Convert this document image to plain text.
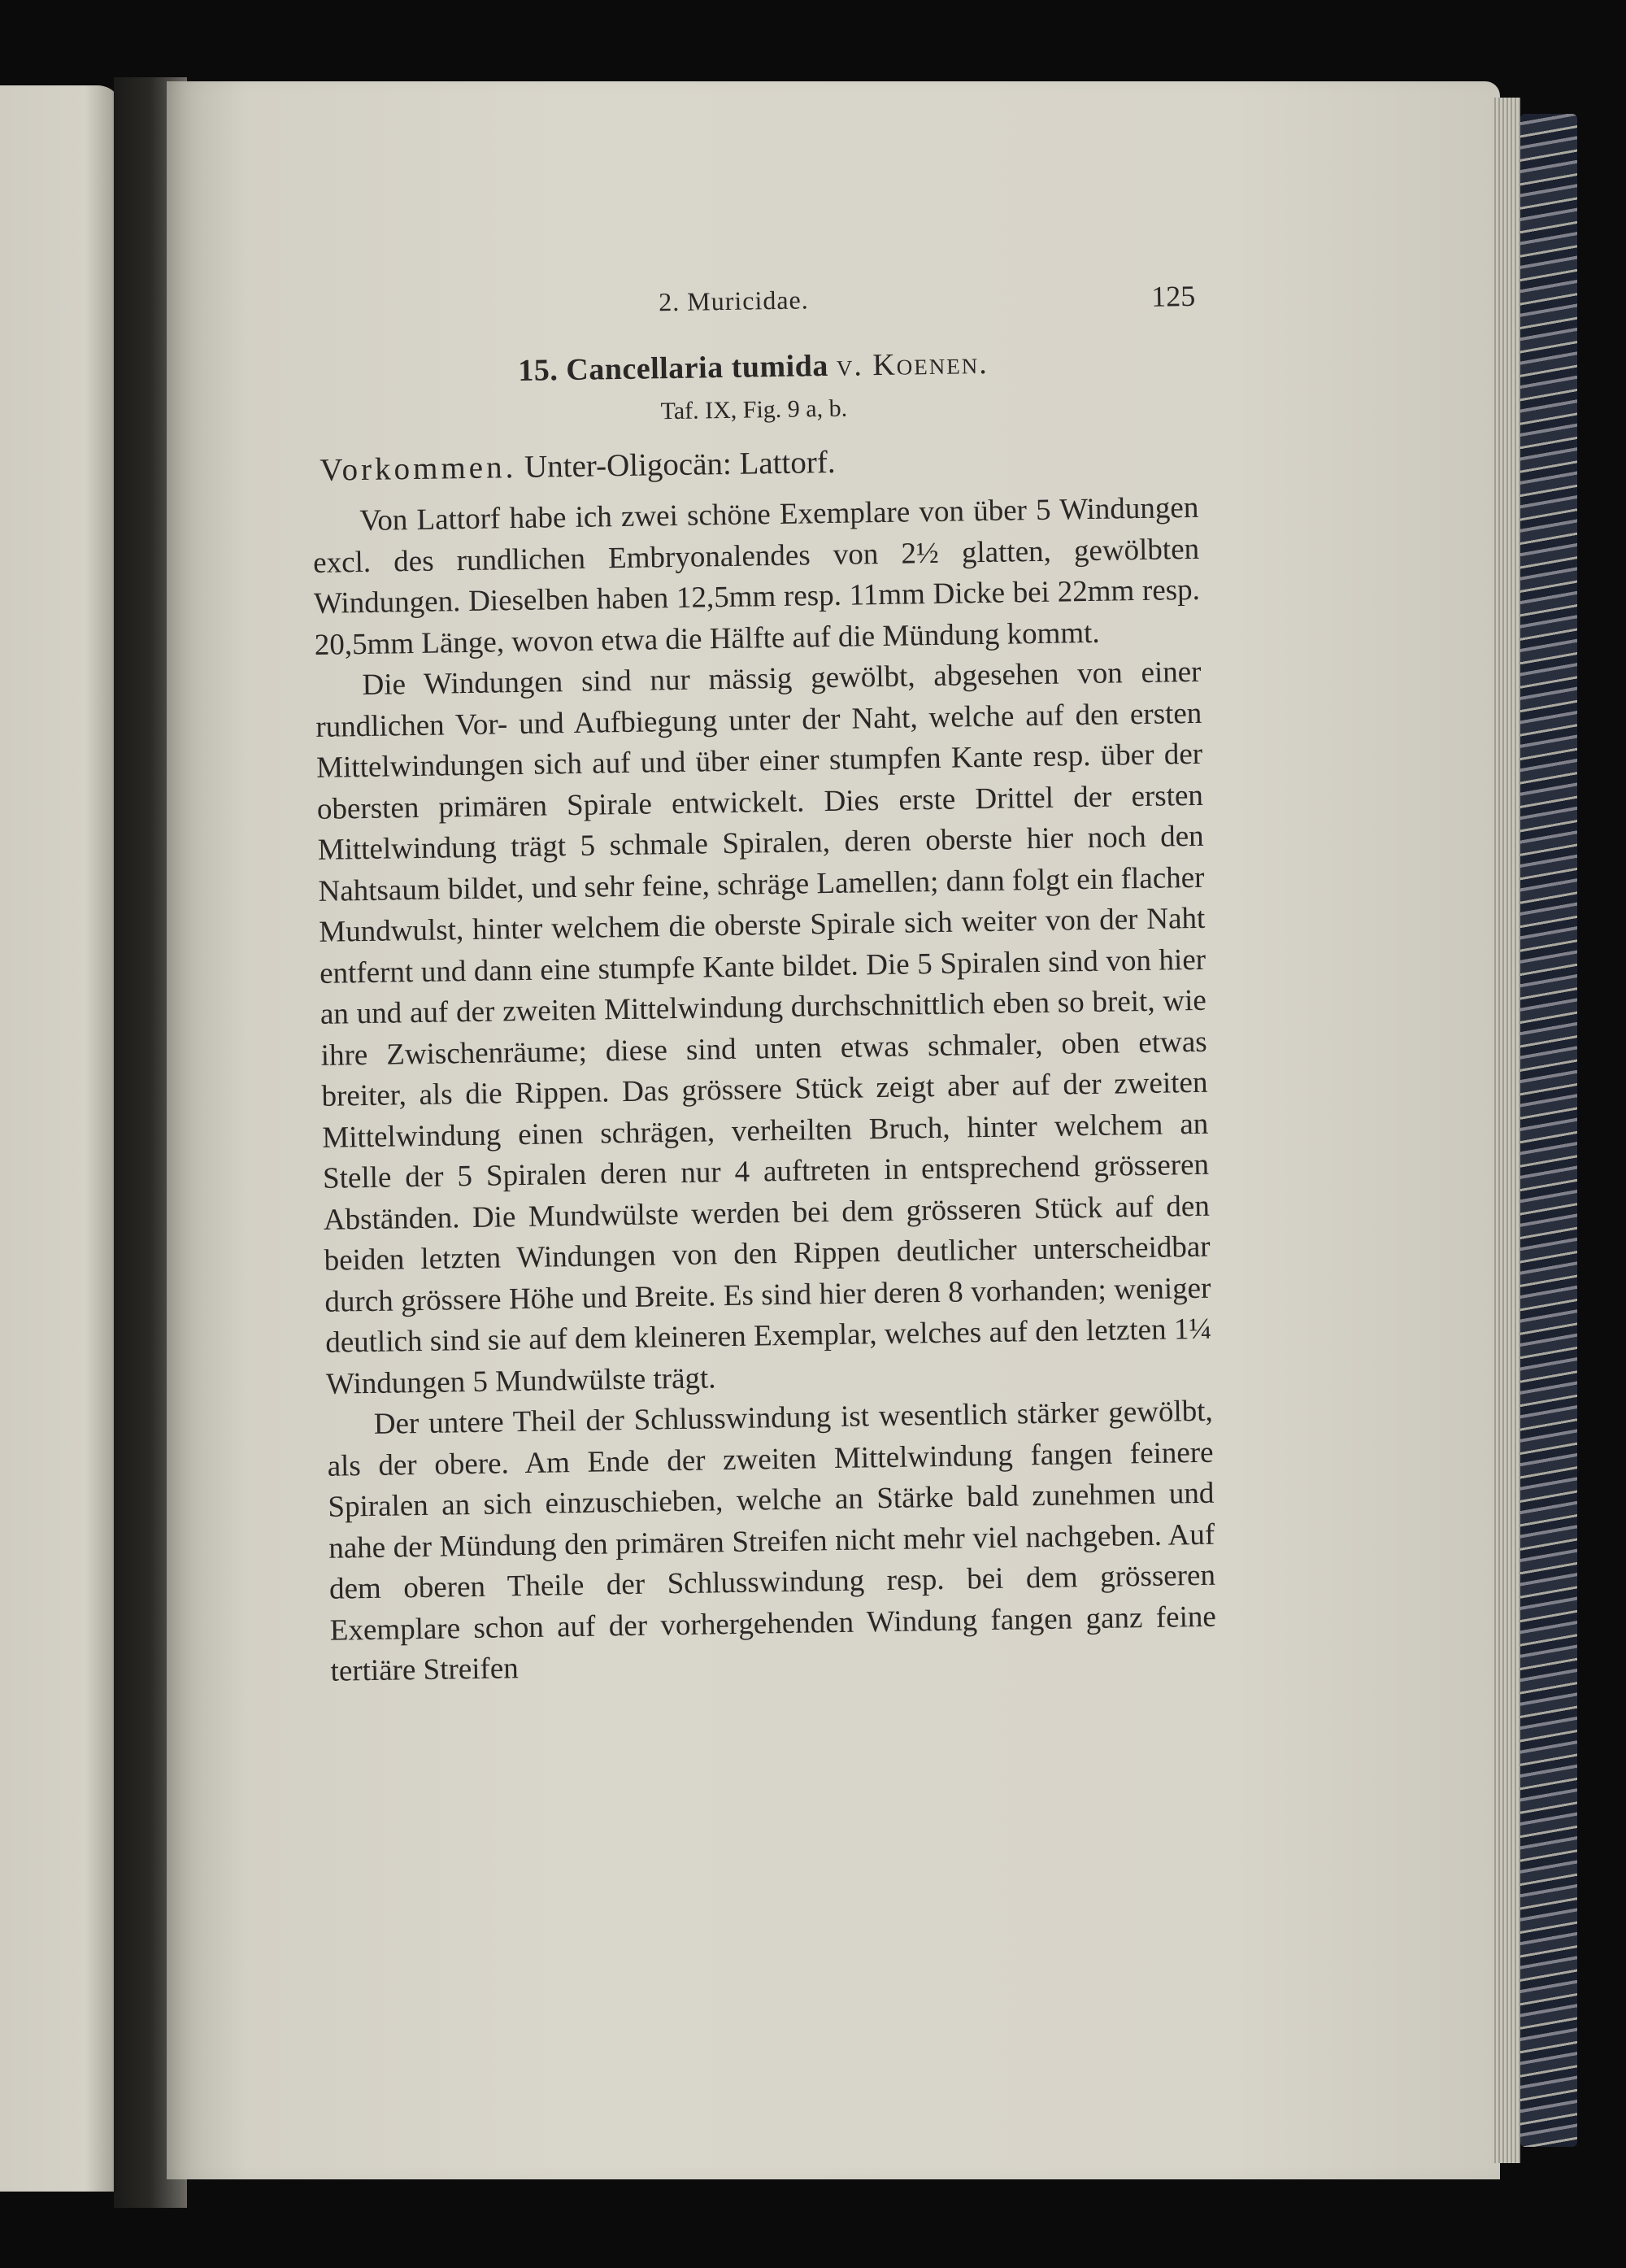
2. Muricidae.	125
15. Cancellaria tumida v. Koenen.
Taf. IX, Fig. 9 a, b.
Vorkommen. Unter-Oligocän: Lattorf.

Von Lattorf habe ich zwei schöne Exemplare von über 5 Windungen excl. des rundlichen Embryonalendes von 2½ glatten, gewölbten Windungen. Dieselben haben 12,5mm resp. 11mm Dicke bei 22mm resp. 20,5mm Länge, wovon etwa die Hälfte auf die Mündung kommt.

Die Windungen sind nur mässig gewölbt, abgesehen von einer rundlichen Vor- und Aufbiegung unter der Naht, welche auf den ersten Mittelwindungen sich auf und über einer stumpfen Kante resp. über der obersten primären Spirale entwickelt. Dies erste Drittel der ersten Mittelwindung trägt 5 schmale Spiralen, deren oberste hier noch den Nahtsaum bildet, und sehr feine, schräge Lamellen; dann folgt ein flacher Mundwulst, hinter welchem die oberste Spirale sich weiter von der Naht entfernt und dann eine stumpfe Kante bildet. Die 5 Spiralen sind von hier an und auf der zweiten Mittelwindung durchschnittlich eben so breit, wie ihre Zwischenräume; diese sind unten etwas schmaler, oben etwas breiter, als die Rippen. Das grössere Stück zeigt aber auf der zweiten Mittelwindung einen schrägen, verheilten Bruch, hinter welchem an Stelle der 5 Spiralen deren nur 4 auftreten in entsprechend grösseren Abständen. Die Mundwülste werden bei dem grösseren Stück auf den beiden letzten Windungen von den Rippen deutlicher unterscheidbar durch grössere Höhe und Breite. Es sind hier deren 8 vorhanden; weniger deutlich sind sie auf dem kleineren Exemplar, welches auf den letzten 1¼ Windungen 5 Mundwülste trägt.

Der untere Theil der Schlusswindung ist wesentlich stärker gewölbt, als der obere. Am Ende der zweiten Mittelwindung fangen feinere Spiralen an sich einzuschieben, welche an Stärke bald zunehmen und nahe der Mündung den primären Streifen nicht mehr viel nachgeben. Auf dem oberen Theile der Schlusswindung resp. bei dem grösseren Exemplare schon auf der vorhergehenden Windung fangen ganz feine tertiäre Streifen
